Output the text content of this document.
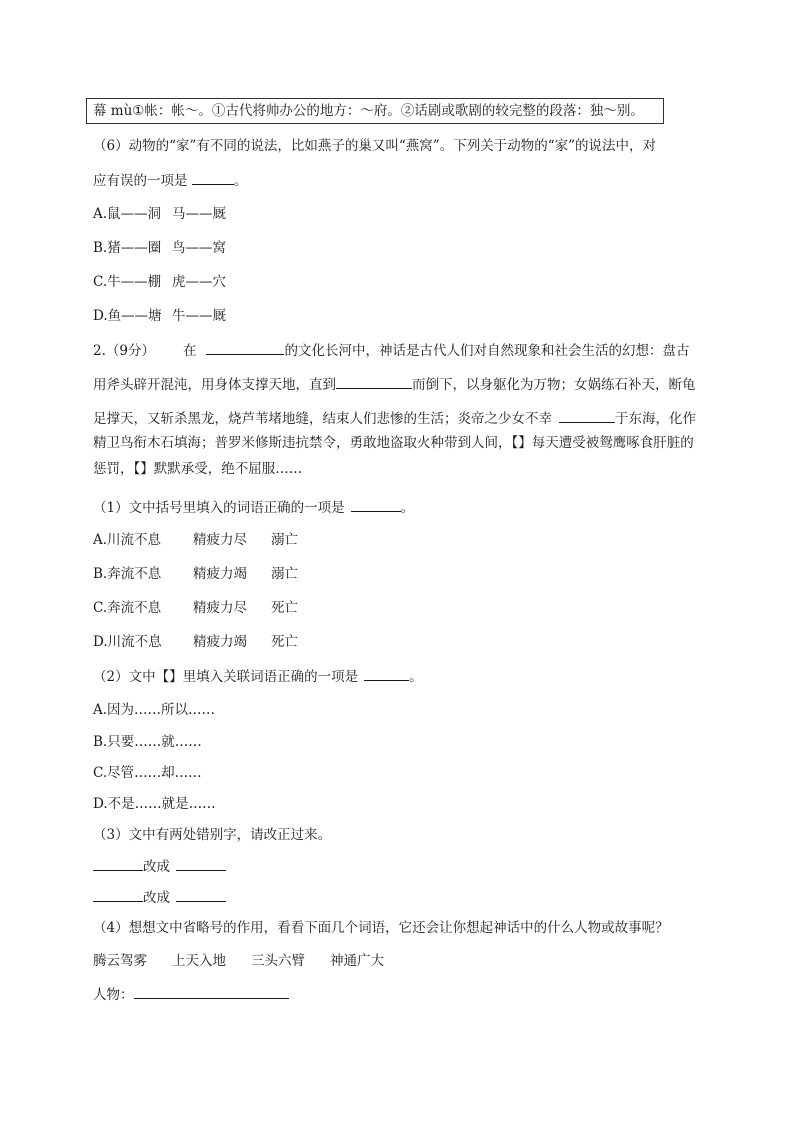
幕 mù①帐：帐～。①古代将帅办公的地方：～府。②话剧或歌剧的较完整的段落：独～别。
（6）动物的“家”有不同的说法，比如燕子的巢又叫“燕窝”。下列关于动物的“家”的说法中，对
应有误的一项是	。
A.鼠——洞 马——厩
B.猪——圈 鸟——窝
C.牛——棚 虎——穴
D.鱼——塘 牛——厩
2.（9分） 在	的文化长河中，神话是古代人们对自然现象和社会生活的幻想：盘古
用斧头辟开混沌，用身体支撑天地，直到	而倒下，以身躯化为万物；女娲练石补天，断龟
足撑天，又斩杀黑龙，烧芦苇堵地缝，结束人们悲惨的生活；炎帝之少女不幸	于东海，化作
精卫鸟衔木石填海；普罗米修斯违抗禁令，勇敢地盗取火种带到人间，【】每天遭受被鸳鹰啄食肝脏的
惩罚，【】默默承受，绝不屈服……
（1）文中括号里填入的词语正确的一项是	。
A.川流不息 精疲力尽 溺亡
B.奔流不息 精疲力竭 溺亡
C.奔流不息 精疲力尽 死亡
D.川流不息 精疲力竭 死亡
（2）文中【】里填入关联词语正确的一项是	。
A.因为……所以……
B.只要……就……
C.尽管……却……
D.不是……就是……
（3）文中有两处错别字，请改正过来。
改成
改成
（4）想想文中省略号的作用，看看下面几个词语，它还会让你想起神话中的什么人物或故事呢？
腾云驾雾 上天入地 三头六臂 神通广大
人物：
